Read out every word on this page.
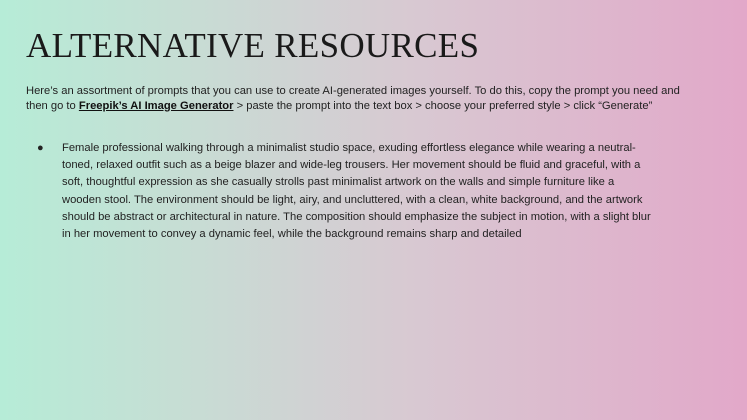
ALTERNATIVE RESOURCES

Here’s an assortment of prompts that you can use to create AI-generated images yourself. To do this, copy the prompt you need and then go to Freepik’s AI Image Generator > paste the prompt into the text box > choose your preferred style > click “Generate”

● Female professional walking through a minimalist studio space, exuding effortless elegance while wearing a neutral-toned, relaxed outfit such as a beige blazer and wide-leg trousers. Her movement should be fluid and graceful, with a soft, thoughtful expression as she casually strolls past minimalist artwork on the walls and simple furniture like a wooden stool. The environment should be light, airy, and uncluttered, with a clean, white background, and the artwork should be abstract or architectural in nature. The composition should emphasize the subject in motion, with a slight blur in her movement to convey a dynamic feel, while the background remains sharp and detailed
